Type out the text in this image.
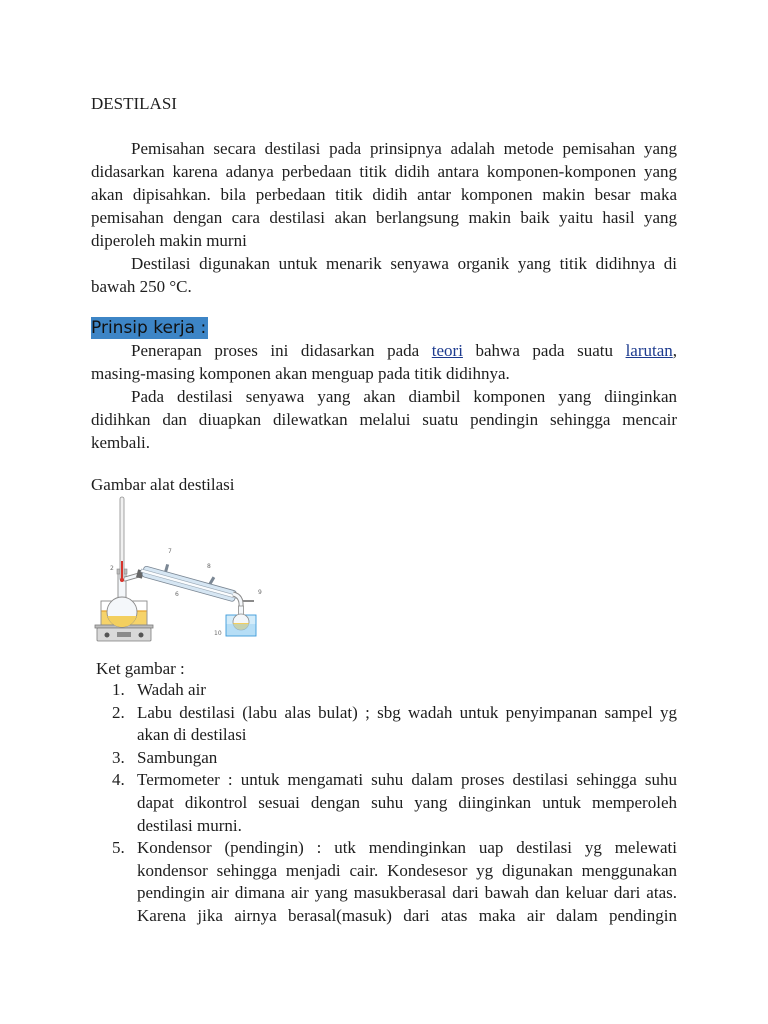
DESTILASI
Pemisahan secara destilasi pada prinsipnya adalah metode pemisahan yang
didasarkan karena adanya perbedaan titik didih antara komponen-komponen yang
akan dipisahkan. bila perbedaan titik didih antar komponen makin besar maka
pemisahan dengan cara destilasi akan berlangsung makin baik yaitu hasil yang
diperoleh makin murni
Destilasi digunakan untuk menarik senyawa organik yang titik didihnya di
bawah 250 °C.
Prinsip kerja :
Penerapan proses ini didasarkan pada teori bahwa pada suatu larutan,
masing-masing komponen akan menguap pada titik didihnya.
Pada destilasi senyawa yang akan diambil komponen yang diinginkan
didihkan dan diuapkan dilewatkan melalui suatu pendingin sehingga mencair
kembali.
Gambar alat destilasi
2
7
8
6	9
10
Ket gambar :
1. Wadah air
2. Labu destilasi (labu alas bulat) ; sbg wadah untuk penyimpanan sampel yg
akan di destilasi
3. Sambungan
4. Termometer : untuk mengamati suhu dalam proses destilasi sehingga suhu
dapat dikontrol sesuai dengan suhu yang diinginkan untuk memperoleh
destilasi murni.
5. Kondensor (pendingin) : utk mendinginkan uap destilasi yg melewati
kondensor sehingga menjadi cair. Kondesesor yg digunakan menggunakan
pendingin air dimana air yang masukberasal dari bawah dan keluar dari atas.
Karena jika airnya berasal(masuk) dari atas maka air dalam pendingin
